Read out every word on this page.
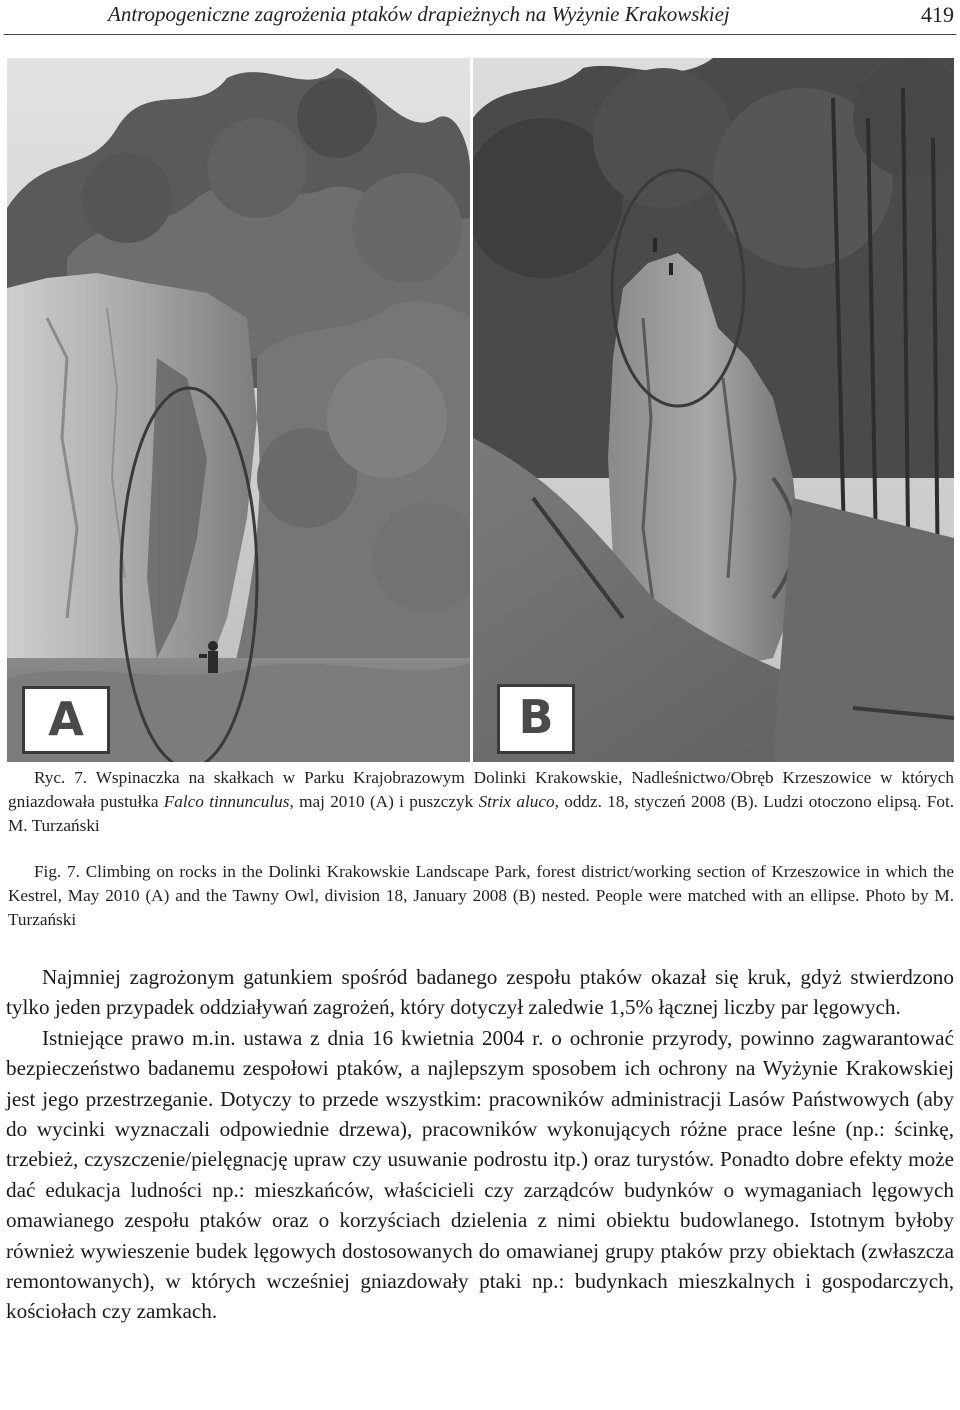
Antropogeniczne zagrożenia ptaków drapieżnych na Wyżynie Krakowskiej	419
A	B
Ryc. 7. Wspinaczka na skałkach w Parku Krajobrazowym Dolinki Krakowskie, Nadleśnictwo/Obręb Krzeszowice w których gniazdowała pustułka Falco tinnunculus, maj 2010 (A) i puszczyk Strix aluco, oddz. 18, styczeń 2008 (B). Ludzi otoczono elipsą. Fot. M. Turzański
Fig. 7. Climbing on rocks in the Dolinki Krakowskie Landscape Park, forest district/working section of Krzeszowice in which the Kestrel, May 2010 (A) and the Tawny Owl, division 18, January 2008 (B) nested. People were matched with an ellipse. Photo by M. Turzański

Najmniej zagrożonym gatunkiem spośród badanego zespołu ptaków okazał się kruk, gdyż stwierdzono tylko jeden przypadek oddziaływań zagrożeń, który dotyczył zaledwie 1,5% łącznej liczby par lęgowych.

Istniejące prawo m.in. ustawa z dnia 16 kwietnia 2004 r. o ochronie przyrody, powinno zagwarantować bezpieczeństwo badanemu zespołowi ptaków, a najlepszym sposobem ich ochrony na Wyżynie Krakowskiej jest jego przestrzeganie. Dotyczy to przede wszystkim: pracowników administracji Lasów Państwowych (aby do wycinki wyznaczali odpowiednie drzewa), pracowników wykonujących różne prace leśne (np.: ścinkę, trzebież, czyszczenie/pielęgnację upraw czy usuwanie podrostu itp.) oraz turystów. Ponadto dobre efekty może dać edukacja ludności np.: mieszkańców, właścicieli czy zarządców budynków o wymaganiach lęgowych omawianego zespołu ptaków oraz o korzyściach dzielenia z nimi obiektu budowlanego. Istotnym byłoby również wywieszenie budek lęgowych dostosowanych do omawianej grupy ptaków przy obiektach (zwłaszcza remontowanych), w których wcześniej gniazdowały ptaki np.: budynkach mieszkalnych i gospodarczych, kościołach czy zamkach.
